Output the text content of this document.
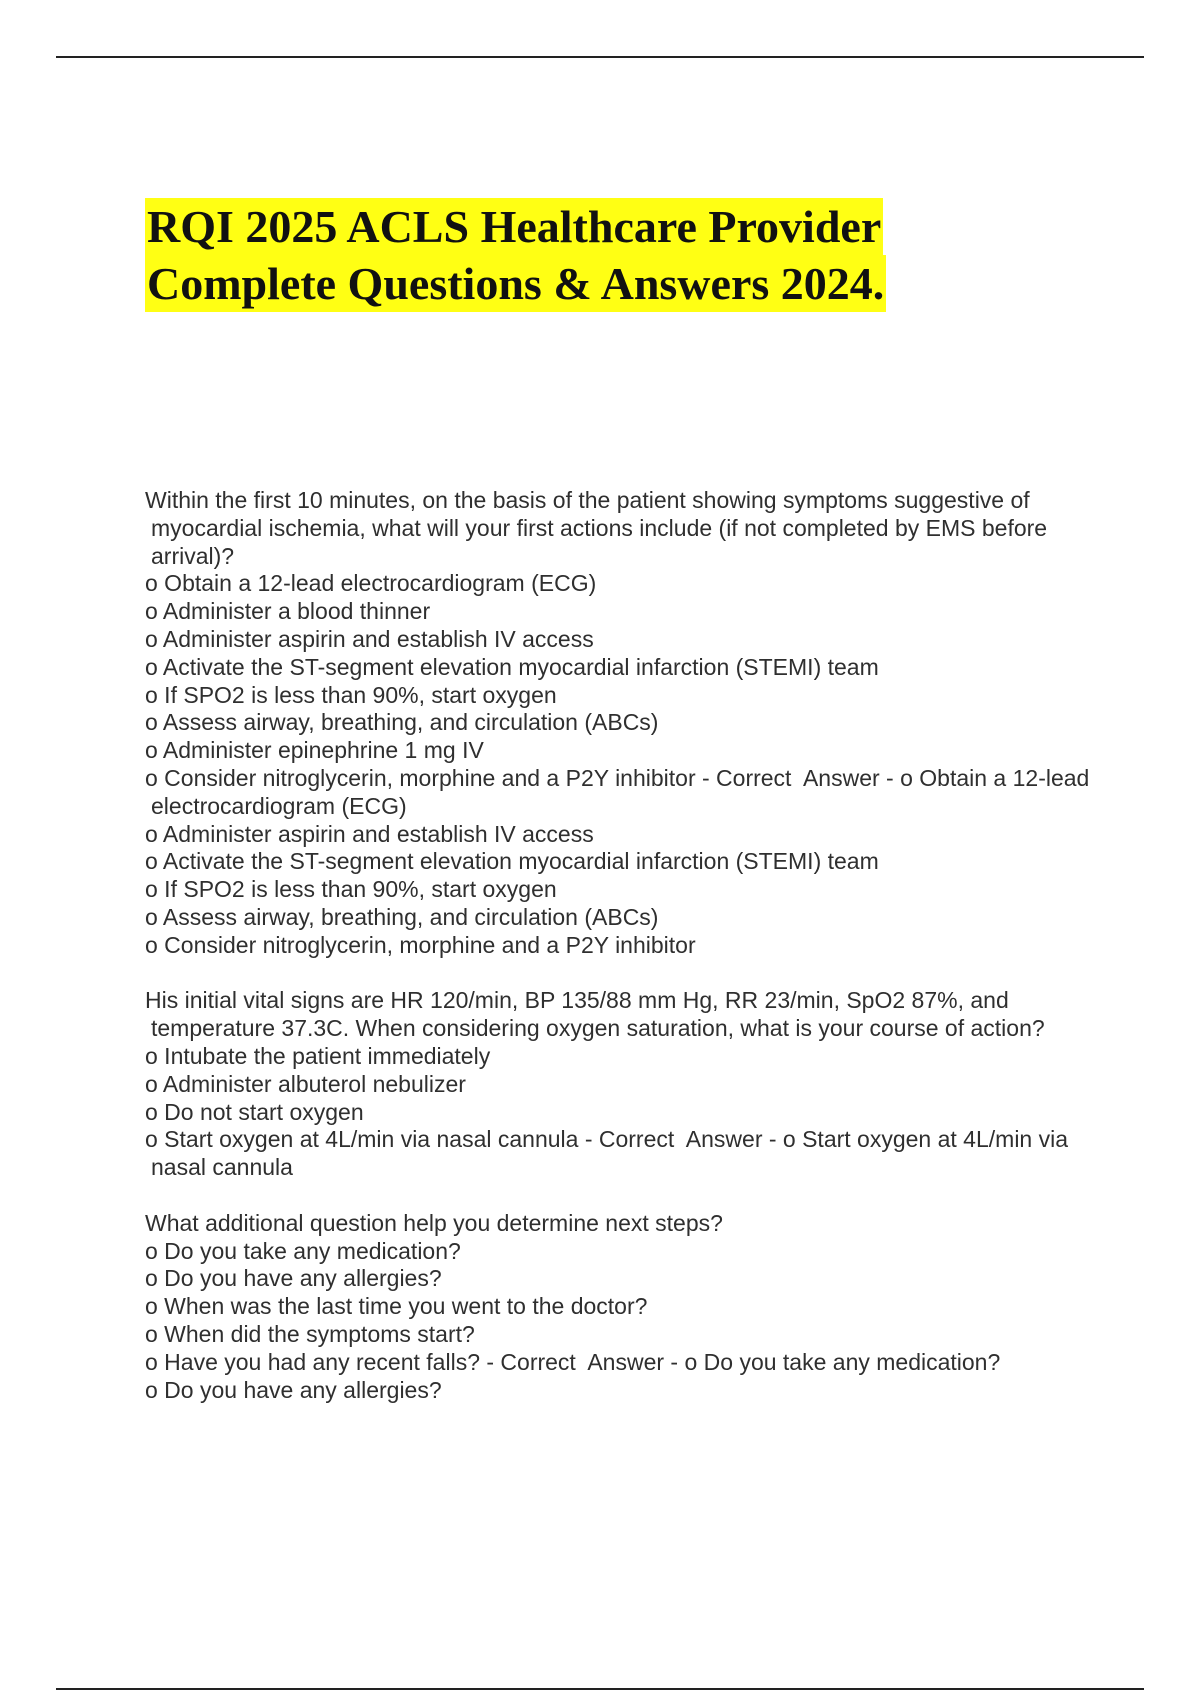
RQI 2025 ACLS Healthcare Provider
Complete Questions & Answers 2024.

Within the first 10 minutes, on the basis of the patient showing symptoms suggestive of myocardial ischemia, what will your first actions include (if not completed by EMS before arrival)?

o Obtain a 12-lead electrocardiogram (ECG)

o Administer a blood thinner

o Administer aspirin and establish IV access

o Activate the ST-segment elevation myocardial infarction (STEMI) team

o If SPO2 is less than 90%, start oxygen

o Assess airway, breathing, and circulation (ABCs)

o Administer epinephrine 1 mg IV

o Consider nitroglycerin, morphine and a P2Y inhibitor - Correct  Answer - o Obtain a 12-lead electrocardiogram (ECG)

o Administer aspirin and establish IV access

o Activate the ST-segment elevation myocardial infarction (STEMI) team

o If SPO2 is less than 90%, start oxygen

o Assess airway, breathing, and circulation (ABCs)

o Consider nitroglycerin, morphine and a P2Y inhibitor

His initial vital signs are HR 120/min, BP 135/88 mm Hg, RR 23/min, SpO2 87%, and temperature 37.3C. When considering oxygen saturation, what is your course of action?

o Intubate the patient immediately

o Administer albuterol nebulizer

o Do not start oxygen

o Start oxygen at 4L/min via nasal cannula - Correct  Answer - o Start oxygen at 4L/min via nasal cannula

What additional question help you determine next steps?

o Do you take any medication?

o Do you have any allergies?

o When was the last time you went to the doctor?

o When did the symptoms start?

o Have you had any recent falls? - Correct  Answer - o Do you take any medication?

o Do you have any allergies?
